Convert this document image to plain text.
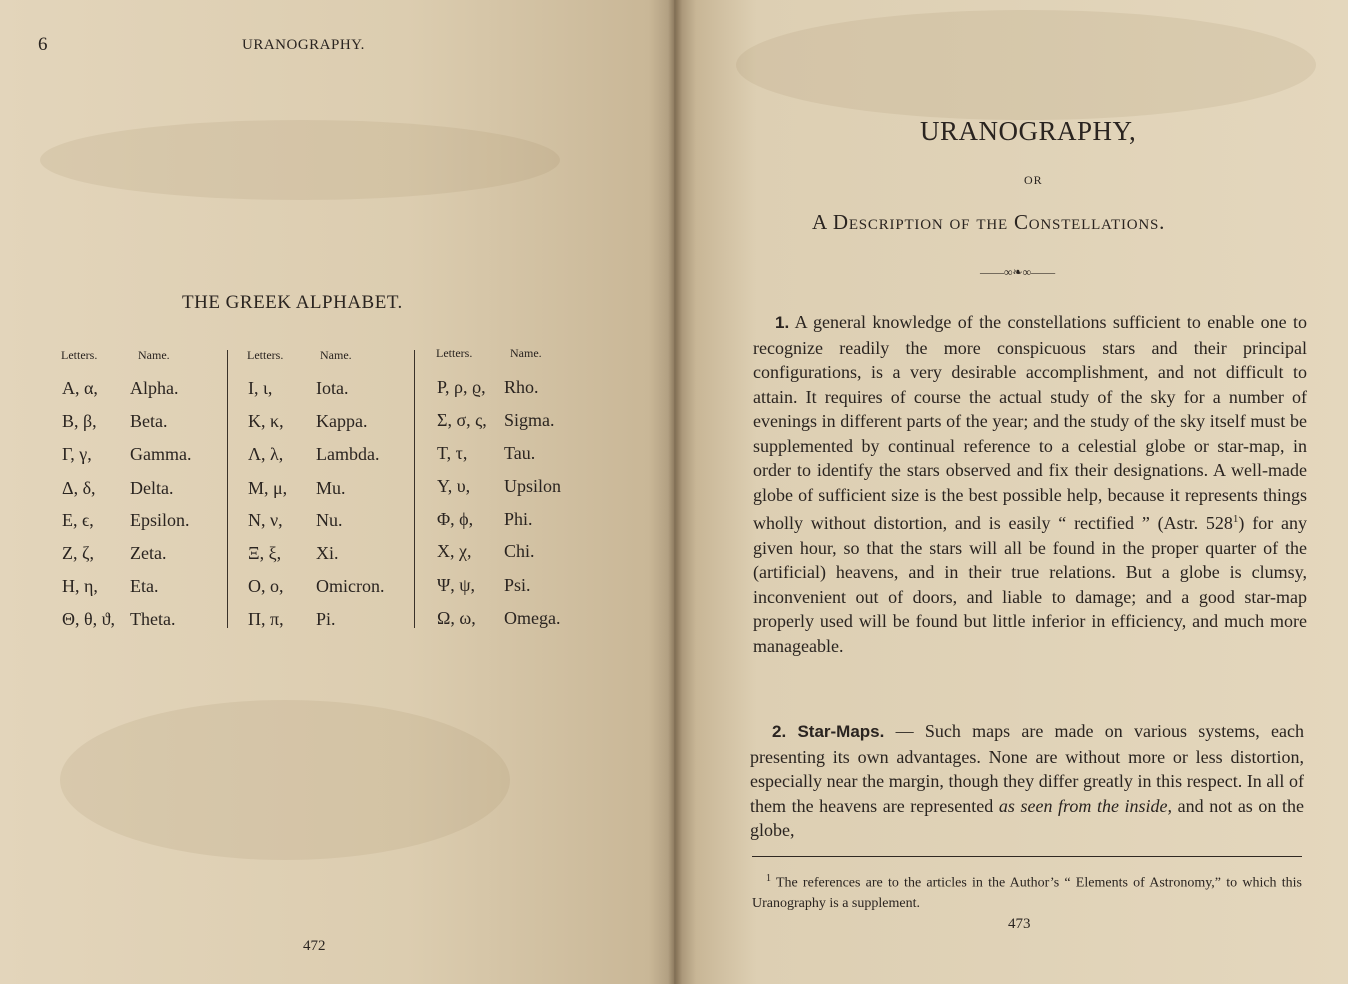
6	URANOGRAPHY.
THE GREEK ALPHABET.
Letters.	Name.
Α, α, Alpha.
Β, β, Beta.
Γ, γ, Gamma.
Δ, δ, Delta.
Ε, ϵ, Epsilon.
Ζ, ζ, Zeta.
Η, η, Eta.
Θ, θ, ϑ, Theta.
Letters.	Name.
Ι, ι, Iota.
Κ, κ, Kappa.
Λ, λ, Lambda.
Μ, μ, Mu.
Ν, ν, Nu.
Ξ, ξ, Xi.
Ο, ο, Omicron.
Π, π, Pi.
Letters.	Name.
Ρ, ρ, ϱ, Rho.
Σ, σ, ς, Sigma.
Τ, τ, Tau.
Υ, υ, Upsilon
Φ, ϕ, Phi.
Χ, χ, Chi.
Ψ, ψ, Psi.
Ω, ω, Omega.
472
URANOGRAPHY,
OR
A Description of the Constellations.
——∞❧∞——
1. A general knowledge of the constellations sufficient to enable one to recognize readily the more conspicuous stars and their principal configurations, is a very desirable accomplishment, and not difficult to attain. It requires of course the actual study of the sky for a number of evenings in different parts of the year; and the study of the sky itself must be supplemented by continual reference to a celestial globe or star-map, in order to identify the stars observed and fix their designations. A well-made globe of sufficient size is the best possible help, because it represents things wholly without distortion, and is easily “ rectified ” (Astr. $528^1$) for any given hour, so that the stars will all be found in the proper quarter of the (artificial) heavens, and in their true relations. But a globe is clumsy, inconvenient out of doors, and liable to damage; and a good star-map properly used will be found but little inferior in efficiency, and much more manageable.
2. Star-Maps. — Such maps are made on various systems, each presenting its own advantages. None are without more or less distortion, especially near the margin, though they differ greatly in this respect. In all of them the heavens are represented as seen from the inside, and not as on the globe,
$^1$ The references are to the articles in the Author’s “ Elements of Astronomy,” to which this Uranography is a supplement.
473
